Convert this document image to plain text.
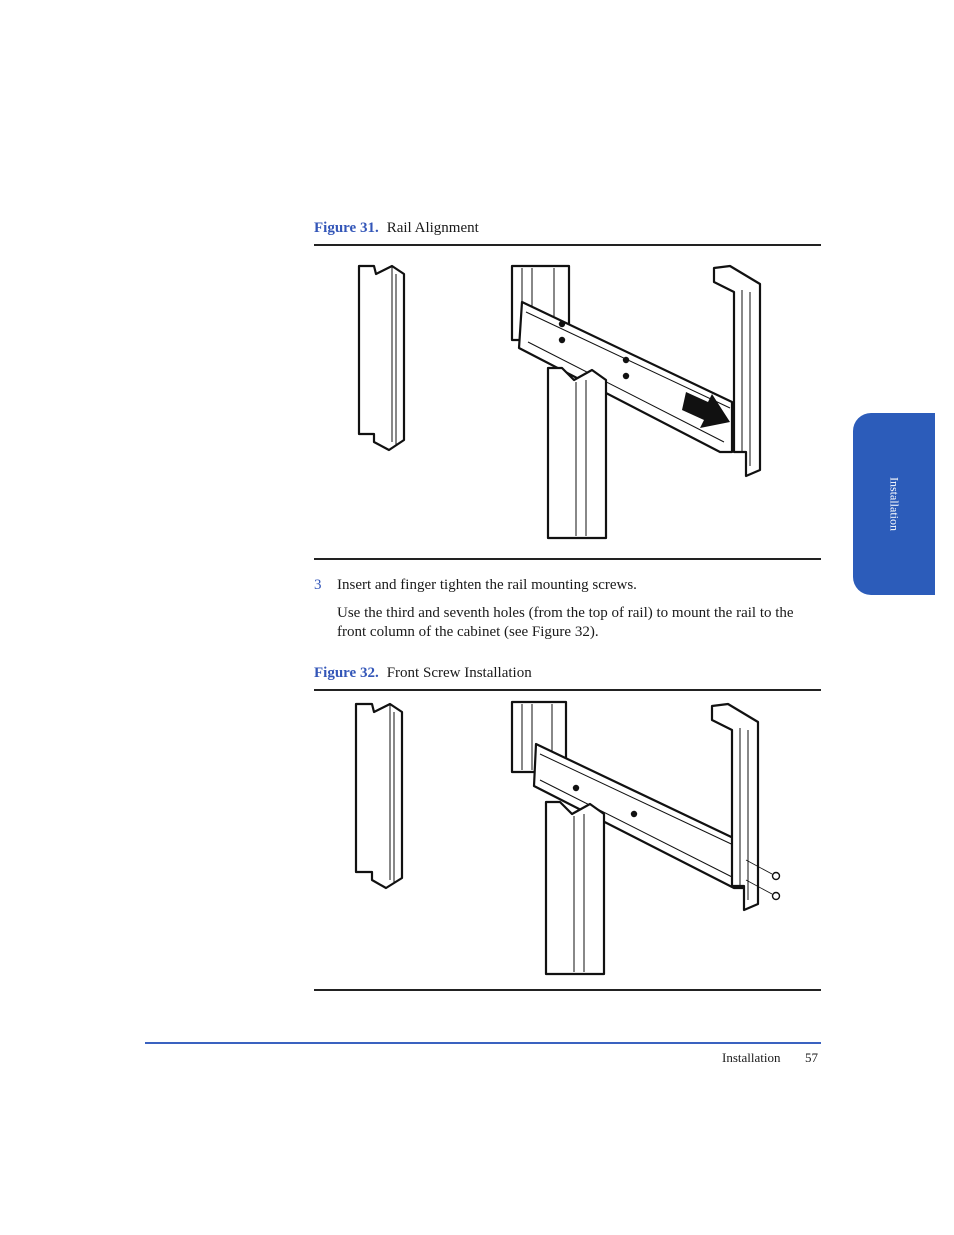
Figure 31. Rail Alignment
3 Insert and finger tighten the rail mounting screws.
Use the third and seventh holes (from the top of rail) to mount the rail to the
front column of the cabinet (see Figure 32).
Figure 32. Front Screw Installation
Installation
Installation 57
